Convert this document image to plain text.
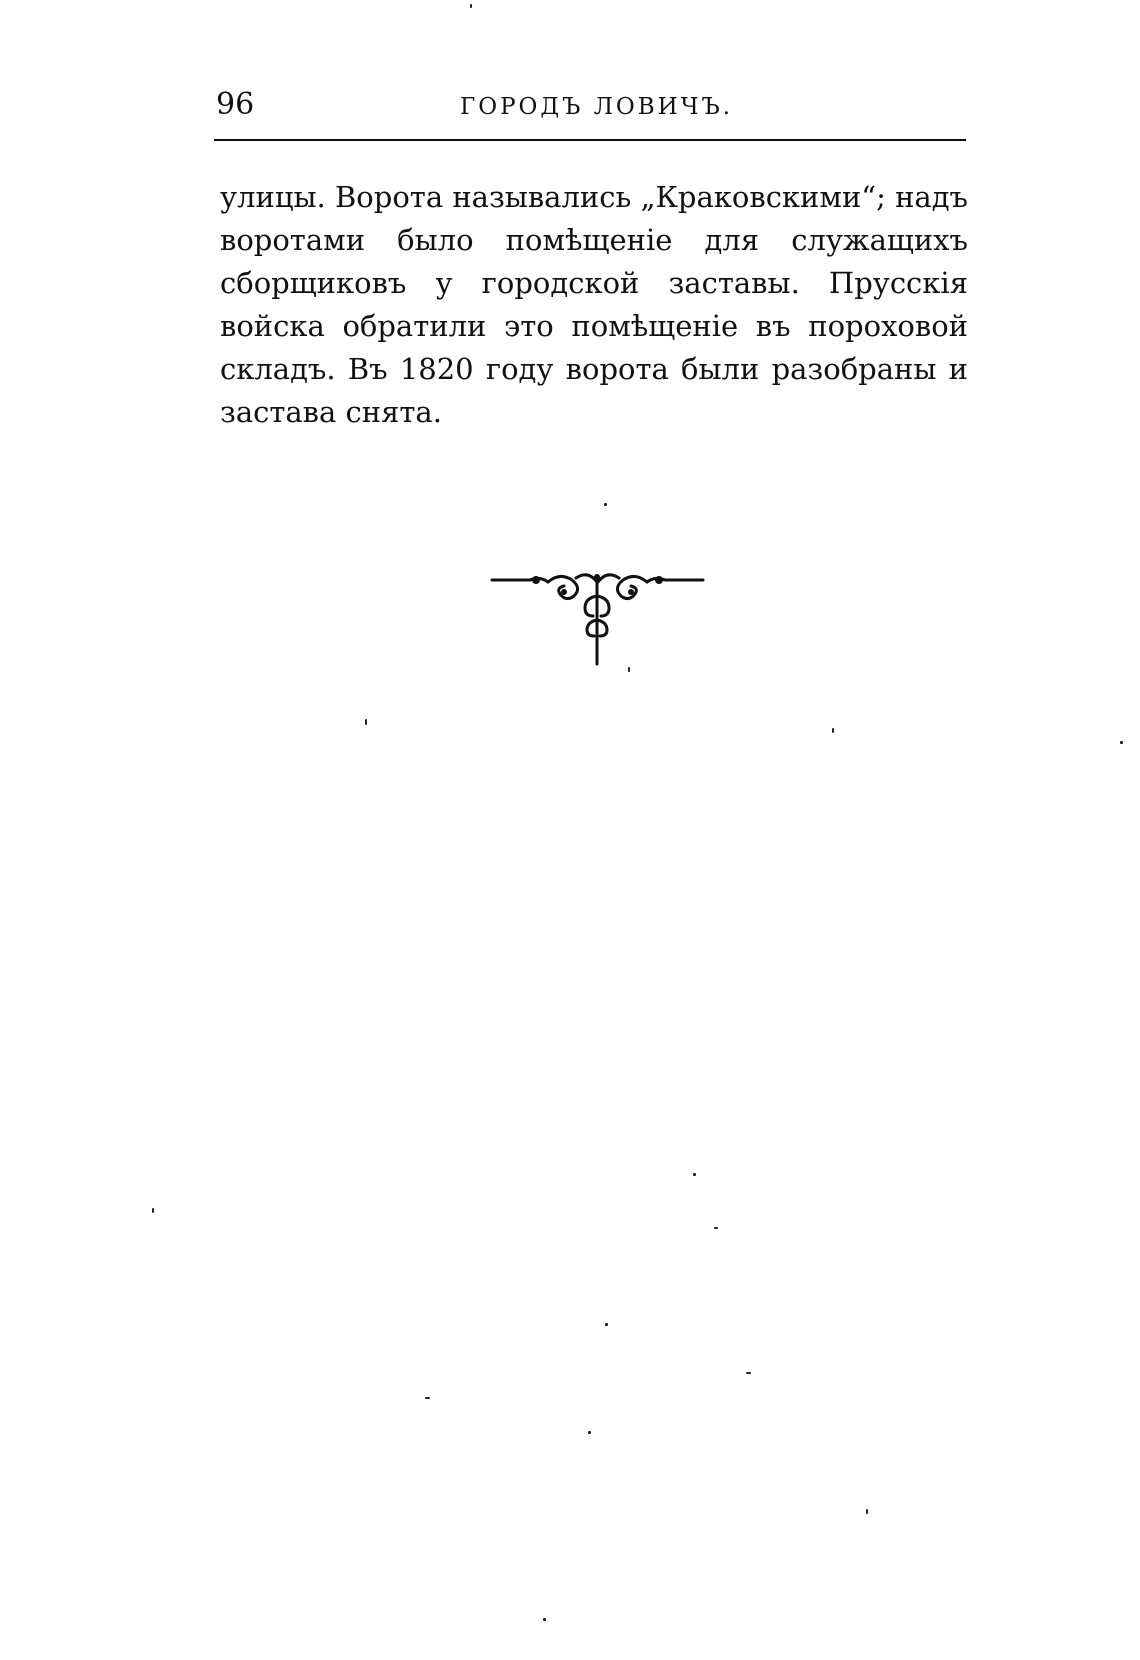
96	ГОРОДЪ ЛОВИЧЪ.
улицы. Ворота назывались „Краковскими“; надъ воротами было помѣщеніе для служащихъ сборщиковъ у городской заставы. Прусскія войска обратили это помѣщеніе въ пороховой складъ. Въ 1820 году ворота были разобраны и застава снята.
